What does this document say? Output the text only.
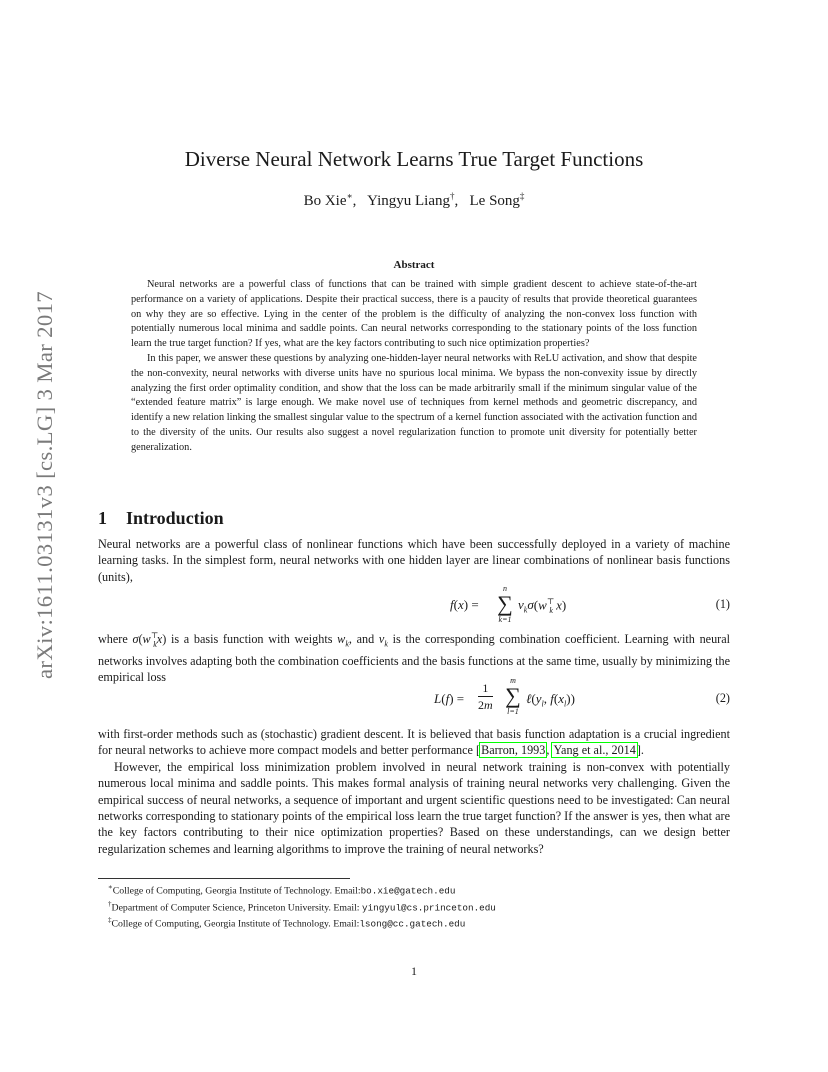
arXiv:1611.03131v3 [cs.LG] 3 Mar 2017
Diverse Neural Network Learns True Target Functions
Bo Xie∗,   Yingyu Liang†,   Le Song‡
Abstract

Neural networks are a powerful class of functions that can be trained with simple gradient descent to achieve state-of-the-art performance on a variety of applications. Despite their practical success, there is a paucity of results that provide theoretical guarantees on why they are so effective. Lying in the center of the problem is the difficulty of analyzing the non-convex loss function with potentially numerous local minima and saddle points. Can neural networks corresponding to the stationary points of the loss function learn the true target function? If yes, what are the key factors contributing to such nice optimization properties?

In this paper, we answer these questions by analyzing one-hidden-layer neural networks with ReLU activation, and show that despite the non-convexity, neural networks with diverse units have no spurious local minima. We bypass the non-convexity issue by directly analyzing the first order optimality condition, and show that the loss can be made arbitrarily small if the minimum singular value of the “extended feature matrix” is large enough. We make novel use of techniques from kernel methods and geometric discrepancy, and identify a new relation linking the smallest singular value to the spectrum of a kernel function associated with the activation function and to the diversity of the units. Our results also suggest a novel regularization function to promote unit diversity for potentially better generalization.

1 Introduction

Neural networks are a powerful class of nonlinear functions which have been successfully deployed in a variety of machine learning tasks. In the simplest form, neural networks with one hidden layer are linear combinations of nonlinear basis functions (units),

f(x) =
n
∑
k=1
$v_k\sigma(w^⊤_k$ x)	(1)

where $\sigma(w^⊤_kx)$ is a basis function with weights $w_k$, and $v_k$ is the corresponding combination coefficient. Learning with neural networks involves adapting both the combination coefficients and the basis functions at the same time, usually by minimizing the empirical loss

L(f) =
1
2m
m
∑
l=1
$\ell(y_l$, $f(x_l)$)	(2)

with first-order methods such as (stochastic) gradient descent. It is believed that basis function adaptation is a crucial ingredient for neural networks to achieve more compact models and better performance [Barron, 1993, Yang et al., 2014].

However, the empirical loss minimization problem involved in neural network training is non-convex with potentially numerous local minima and saddle points. This makes formal analysis of training neural networks very challenging. Given the empirical success of neural networks, a sequence of important and urgent scientific questions need to be investigated: Can neural networks corresponding to stationary points of the empirical loss learn the true target function? If the answer is yes, then what are the key factors contributing to their nice optimization properties? Based on these understandings, can we design better regularization schemes and learning algorithms to improve the training of neural networks?

∗College of Computing, Georgia Institute of Technology. Email:bo.xie@gatech.edu

†Department of Computer Science, Princeton University. Email: yingyul@cs.princeton.edu

‡College of Computing, Georgia Institute of Technology. Email:lsong@cc.gatech.edu

1
